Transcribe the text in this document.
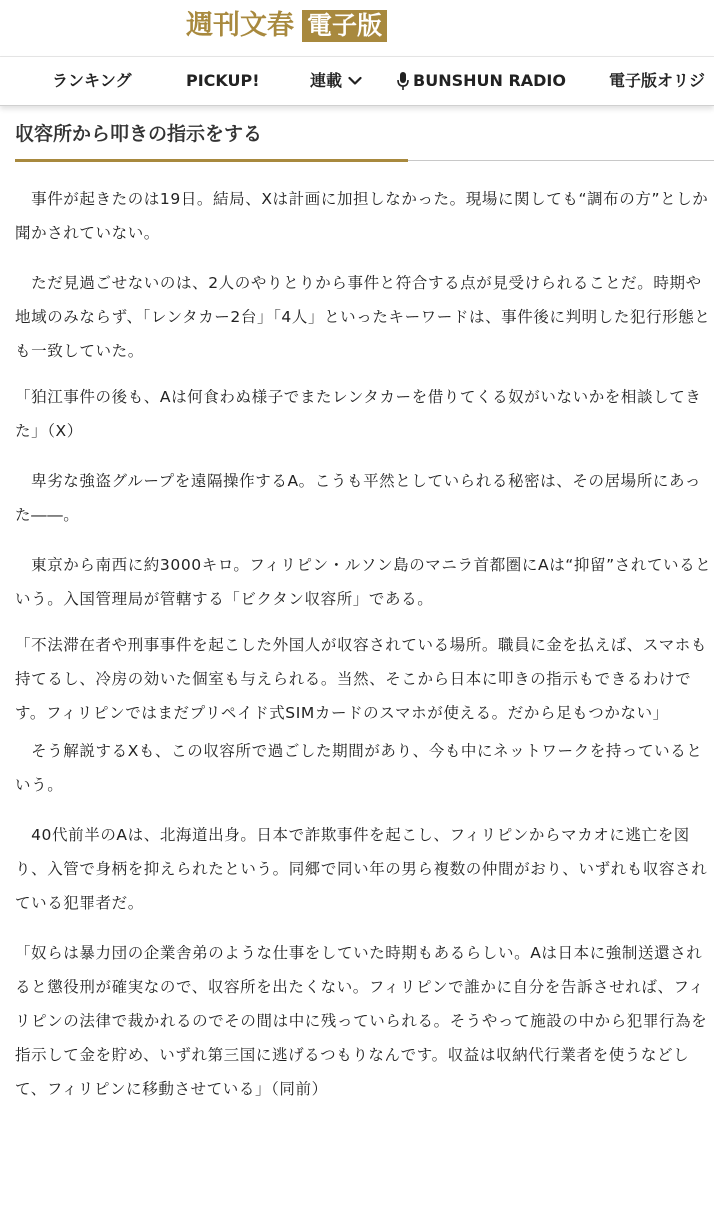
週刊文春 電子版
ランキング	PICKUP!	連載	BUNSHUN RADIO	電子版オリジ
収容所から叩きの指示をする

　事件が起きたのは19日。結局、Xは計画に加担しなかった。現場に関しても“調布の方”としか聞かされていない。

　ただ見過ごせないのは、2人のやりとりから事件と符合する点が見受けられることだ。時期や地域のみならず、「レンタカー2台」「4人」といったキーワードは、事件後に判明した犯行形態とも一致していた。

「狛江事件の後も、Aは何食わぬ様子でまたレンタカーを借りてくる奴がいないかを相談してきた」（X）

　卑劣な強盗グループを遠隔操作するA。こうも平然としていられる秘密は、その居場所にあった――。

　東京から南西に約3000キロ。フィリピン・ルソン島のマニラ首都圏にAは“抑留”されているという。入国管理局が管轄する「ビクタン収容所」である。

「不法滞在者や刑事事件を起こした外国人が収容されている場所。職員に金を払えば、スマホも持てるし、冷房の効いた個室も与えられる。当然、そこから日本に叩きの指示もできるわけです。フィリピンではまだプリペイド式SIMカードのスマホが使える。だから足もつかない」

　そう解説するXも、この収容所で過ごした期間があり、今も中にネットワークを持っているという。

　40代前半のAは、北海道出身。日本で詐欺事件を起こし、フィリピンからマカオに逃亡を図り、入管で身柄を抑えられたという。同郷で同い年の男ら複数の仲間がおり、いずれも収容されている犯罪者だ。

「奴らは暴力団の企業舎弟のような仕事をしていた時期もあるらしい。Aは日本に強制送還されると懲役刑が確実なので、収容所を出たくない。フィリピンで誰かに自分を告訴させれば、フィリピンの法律で裁かれるのでその間は中に残っていられる。そうやって施設の中から犯罪行為を指示して金を貯め、いずれ第三国に逃げるつもりなんです。収益は収納代行業者を使うなどして、フィリピンに移動させている」（同前）
